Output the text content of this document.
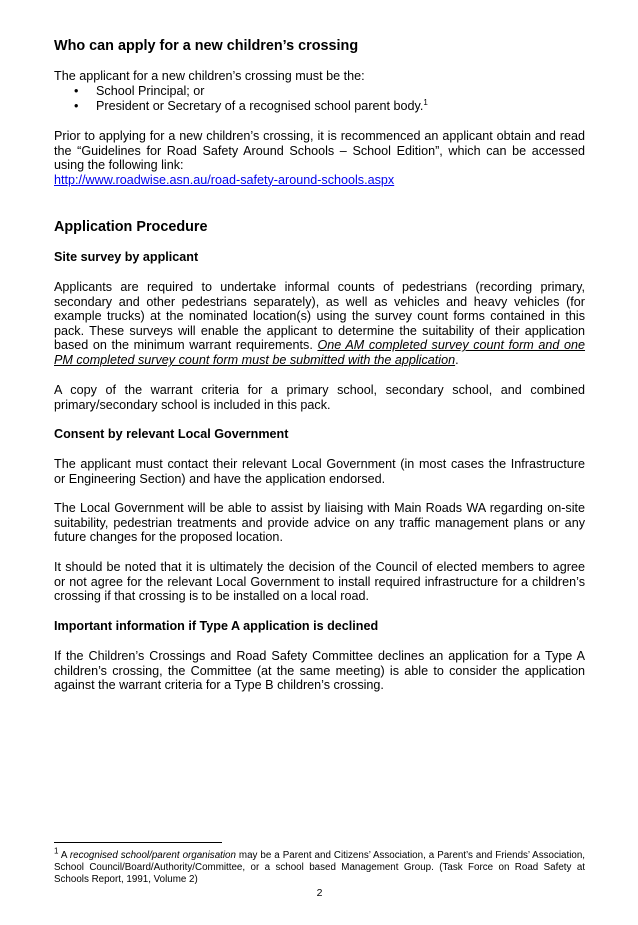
Who can apply for a new children’s crossing

The applicant for a new children’s crossing must be the:

• School Principal; or
• President or Secretary of a recognised school parent body.$^1$

Prior to applying for a new children’s crossing, it is recommenced an applicant obtain and read the “Guidelines for Road Safety Around Schools – School Edition”, which can be accessed using the following link:
http://www.roadwise.asn.au/road-safety-around-schools.aspx

Application Procedure
Site survey by applicant

Applicants are required to undertake informal counts of pedestrians (recording primary, secondary and other pedestrians separately), as well as vehicles and heavy vehicles (for example trucks) at the nominated location(s) using the survey count forms contained in this pack. These surveys will enable the applicant to determine the suitability of their application based on the minimum warrant requirements. One AM completed survey count form and one PM completed survey count form must be submitted with the application.

A copy of the warrant criteria for a primary school, secondary school, and combined primary/secondary school is included in this pack.

Consent by relevant Local Government

The applicant must contact their relevant Local Government (in most cases the Infrastructure or Engineering Section) and have the application endorsed.

The Local Government will be able to assist by liaising with Main Roads WA regarding on-site suitability, pedestrian treatments and provide advice on any traffic management plans or any future changes for the proposed location.

It should be noted that it is ultimately the decision of the Council of elected members to agree or not agree for the relevant Local Government to install required infrastructure for a children’s crossing if that crossing is to be installed on a local road.

Important information if Type A application is declined

If the Children’s Crossings and Road Safety Committee declines an application for a Type A children’s crossing, the Committee (at the same meeting) is able to consider the application against the warrant criteria for a Type B children’s crossing.

$^1$ A recognised school/parent organisation may be a Parent and Citizens’ Association, a Parent’s and Friends’ Association, School Council/Board/Authority/Committee, or a school based Management Group. (Task Force on Road Safety at Schools Report, 1991, Volume 2)
2
